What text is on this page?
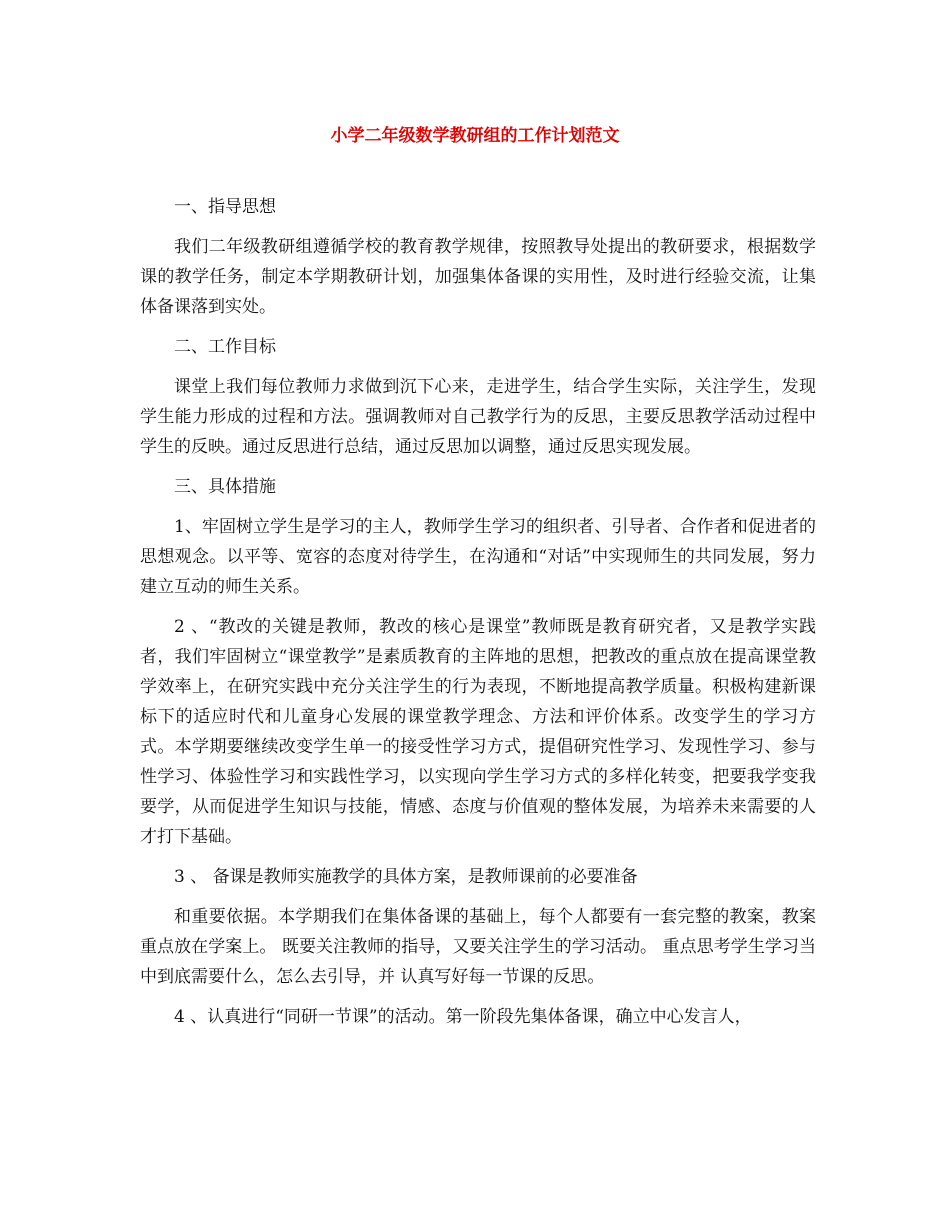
小学二年级数学教研组的工作计划范文

一、指导思想

我们二年级教研组遵循学校的教育教学规律，按照教导处提出的教研要求，根据数学课的教学任务，制定本学期教研计划，加强集体备课的实用性，及时进行经验交流，让集体备课落到实处。

二、工作目标

课堂上我们每位教师力求做到沉下心来，走进学生，结合学生实际，关注学生，发现学生能力形成的过程和方法。强调教师对自己教学行为的反思，主要反思教学活动过程中学生的反映。通过反思进行总结，通过反思加以调整，通过反思实现发展。

三、具体措施

1、牢固树立学生是学习的主人，教师学生学习的组织者、引导者、合作者和促进者的思想观念。以平等、宽容的态度对待学生，在沟通和“对话”中实现师生的共同发展，努力建立互动的师生关系。

2 、“教改的关键是教师，教改的核心是课堂”教师既是教育研究者，又是教学实践者，我们牢固树立“课堂教学”是素质教育的主阵地的思想，把教改的重点放在提高课堂教学效率上，在研究实践中充分关注学生的行为表现，不断地提高教学质量。积极构建新课标下的适应时代和儿童身心发展的课堂教学理念、方法和评价体系。改变学生的学习方式。本学期要继续改变学生单一的接受性学习方式，提倡研究性学习、发现性学习、参与性学习、体验性学习和实践性学习，以实现向学生学习方式的多样化转变，把要我学变我要学，从而促进学生知识与技能，情感、态度与价值观的整体发展，为培养未来需要的人才打下基础。

3 、 备课是教师实施教学的具体方案，是教师课前的必要准备

和重要依据。本学期我们在集体备课的基础上，每个人都要有一套完整的教案，教案重点放在学案上。 既要关注教师的指导，又要关注学生的学习活动。 重点思考学生学习当中到底需要什么，怎么去引导，并 认真写好每一节课的反思。

4 、认真进行“同研一节课”的活动。第一阶段先集体备课，确立中心发言人，
